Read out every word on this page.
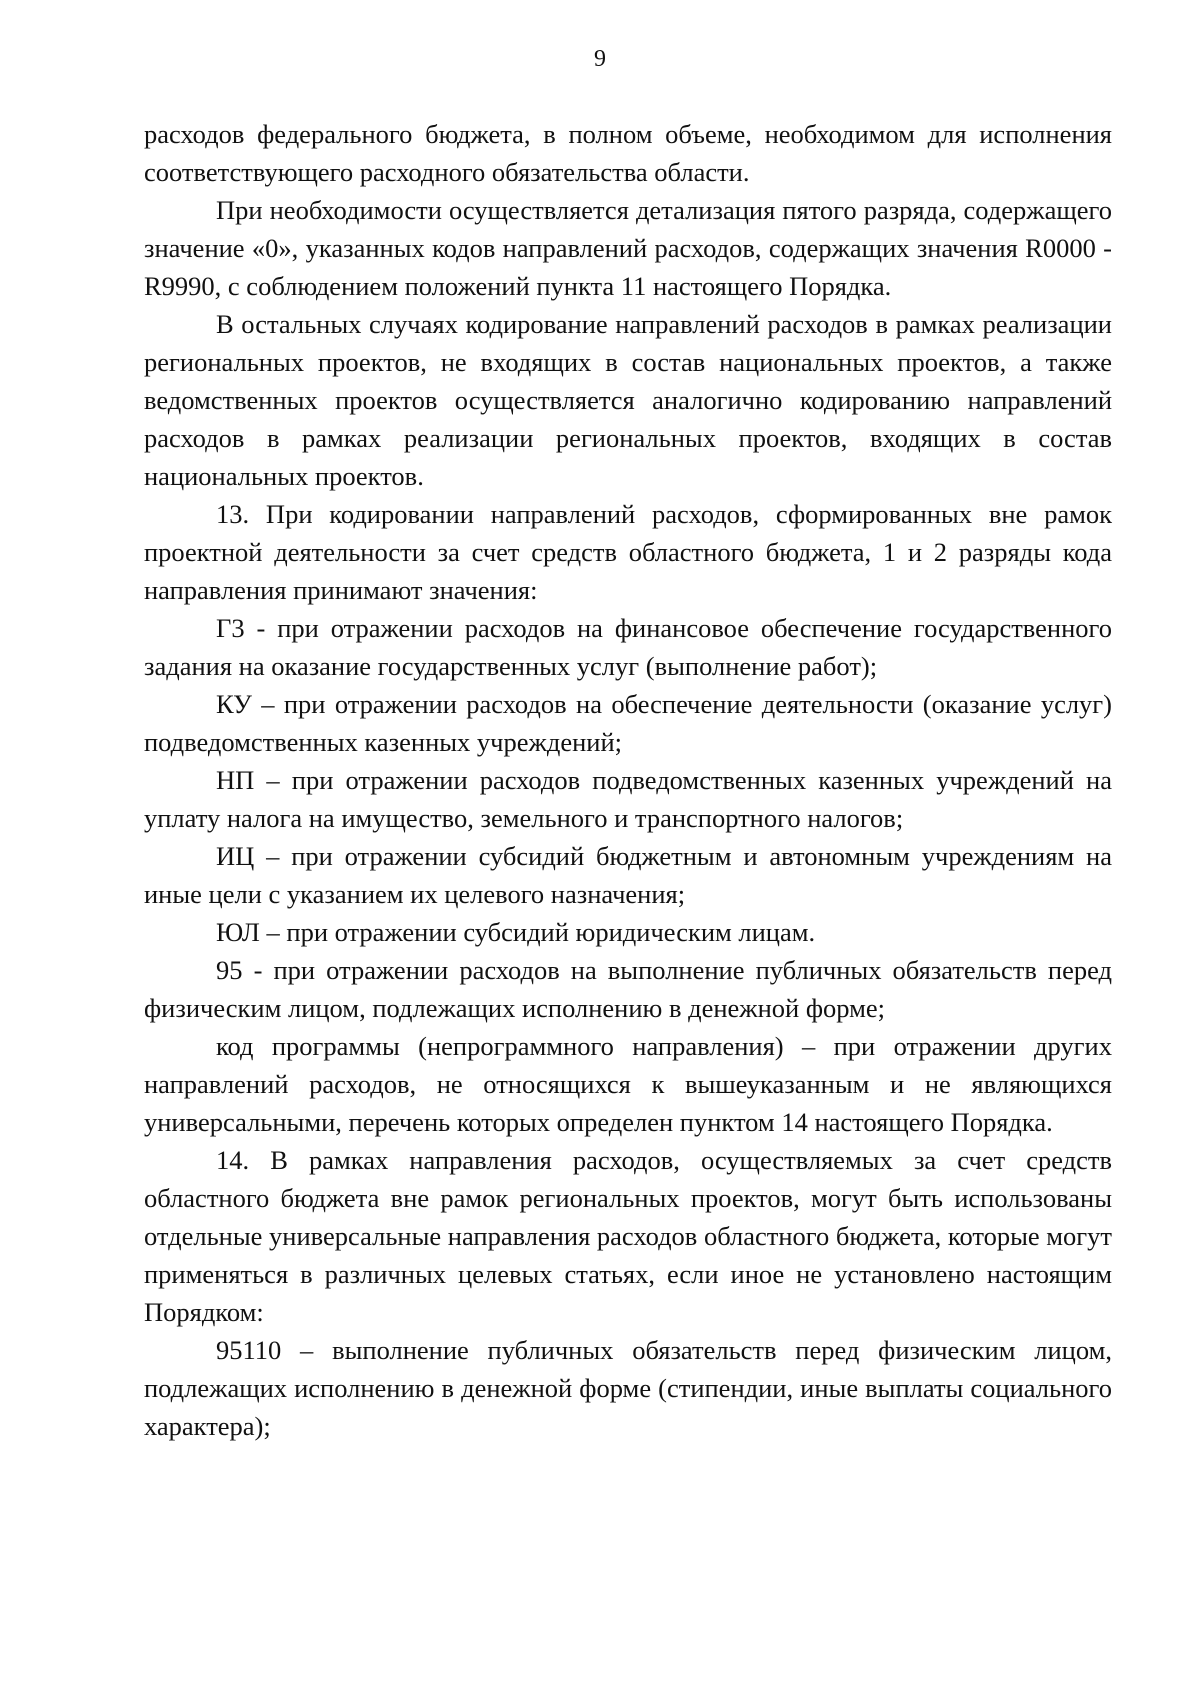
9

расходов федерального бюджета, в полном объеме, необходимом для исполнения соответствующего расходного обязательства области.

При необходимости осуществляется детализация пятого разряда, содержащего значение «0», указанных кодов направлений расходов, содержащих значения R0000 - R9990, с соблюдением положений пункта 11 настоящего Порядка.

В остальных случаях кодирование направлений расходов в рамках реализации региональных проектов, не входящих в состав национальных проектов, а также ведомственных проектов осуществляется аналогично кодированию направлений расходов в рамках реализации региональных проектов, входящих в состав национальных проектов.

13. При кодировании направлений расходов, сформированных вне рамок проектной деятельности за счет средств областного бюджета, 1 и 2 разряды кода направления принимают значения:

Г3 - при отражении расходов на финансовое обеспечение государственного задания на оказание государственных услуг (выполнение работ);

КУ – при отражении расходов на обеспечение деятельности (оказание услуг) подведомственных казенных учреждений;

НП – при отражении расходов подведомственных казенных учреждений на уплату налога на имущество, земельного и транспортного налогов;

ИЦ – при отражении субсидий бюджетным и автономным учреждениям на иные цели с указанием их целевого назначения;

ЮЛ – при отражении субсидий юридическим лицам.

95 - при отражении расходов на выполнение публичных обязательств перед физическим лицом, подлежащих исполнению в денежной форме;

код программы (непрограммного направления) – при отражении других направлений расходов, не относящихся к вышеуказанным и не являющихся универсальными, перечень которых определен пунктом 14 настоящего Порядка.

14. В рамках направления расходов, осуществляемых за счет средств областного бюджета вне рамок региональных проектов, могут быть использованы отдельные универсальные направления расходов областного бюджета, которые могут применяться в различных целевых статьях, если иное не установлено настоящим Порядком:

95110 – выполнение публичных обязательств перед физическим лицом, подлежащих исполнению в денежной форме (стипендии, иные выплаты социального характера);
